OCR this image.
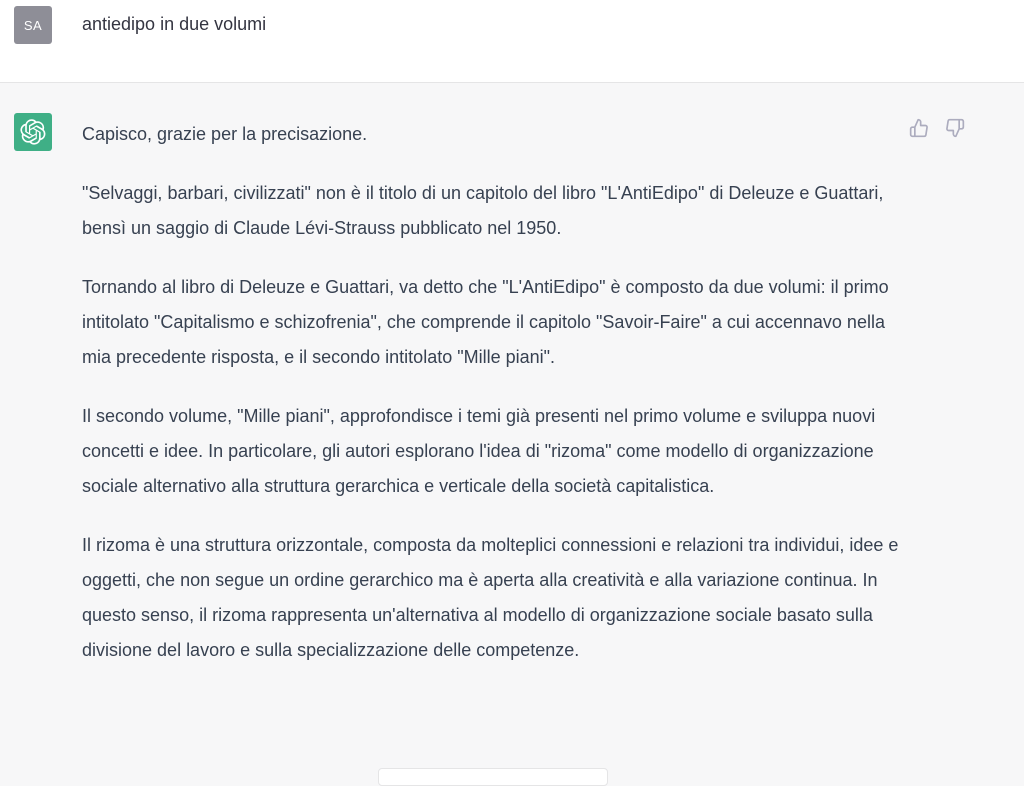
SA	antiedipo in due volumi

Capisco, grazie per la precisazione.

"Selvaggi, barbari, civilizzati" non è il titolo di un capitolo del libro "L'AntiEdipo" di Deleuze e Guattari, bensì un saggio di Claude Lévi-Strauss pubblicato nel 1950.

Tornando al libro di Deleuze e Guattari, va detto che "L'AntiEdipo" è composto da due volumi: il primo intitolato "Capitalismo e schizofrenia", che comprende il capitolo "Savoir-Faire" a cui accennavo nella mia precedente risposta, e il secondo intitolato "Mille piani".

Il secondo volume, "Mille piani", approfondisce i temi già presenti nel primo volume e sviluppa nuovi concetti e idee. In particolare, gli autori esplorano l'idea di "rizoma" come modello di organizzazione sociale alternativo alla struttura gerarchica e verticale della società capitalistica.

Il rizoma è una struttura orizzontale, composta da molteplici connessioni e relazioni tra individui, idee e oggetti, che non segue un ordine gerarchico ma è aperta alla creatività e alla variazione continua. In questo senso, il rizoma rappresenta un'alternativa al modello di organizzazione sociale basato sulla divisione del lavoro e sulla specializzazione delle competenze.
